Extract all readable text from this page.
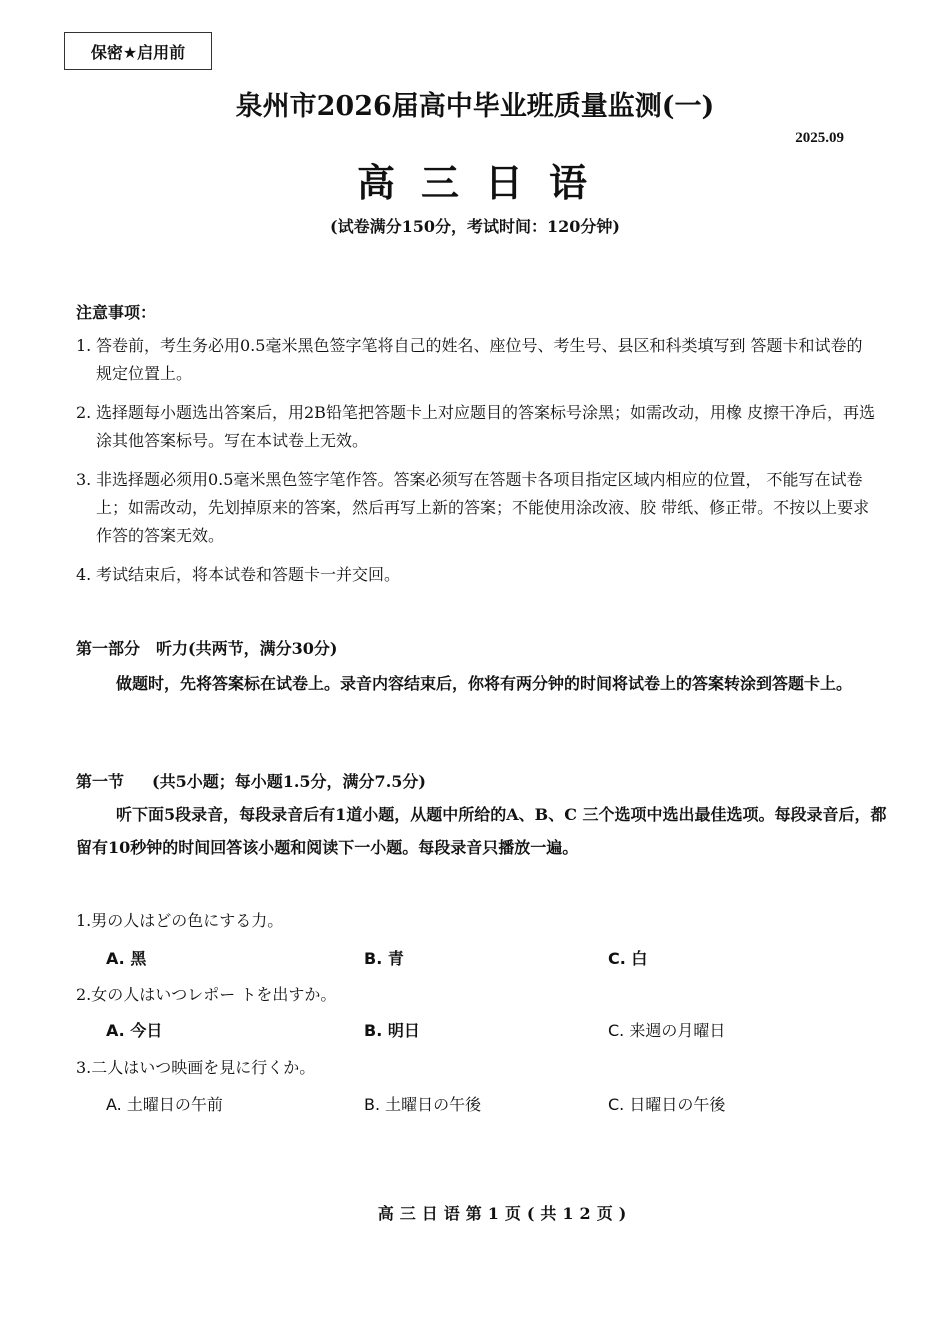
保密★启用前
泉州市2026届高中毕业班质量监测(一)
2025.09
高三日语
(试卷满分150分，考试时间：120分钟)
注意事项：
1. 答卷前，考生务必用0.5毫米黑色签字笔将自己的姓名、座位号、考生号、县区和科类填写到 答题卡和试卷的规定位置上。
2. 选择题每小题选出答案后，用2B铅笔把答题卡上对应题目的答案标号涂黑；如需改动，用橡 皮擦干净后，再选涂其他答案标号。写在本试卷上无效。
3. 非选择题必须用0.5毫米黑色签字笔作答。答案必须写在答题卡各项目指定区域内相应的位置， 不能写在试卷上；如需改动，先划掉原来的答案，然后再写上新的答案；不能使用涂改液、胶 带纸、修正带。不按以上要求作答的答案无效。
4. 考试结束后，将本试卷和答题卡一并交回。
第一部分 听力(共两节，满分30分)
做题时，先将答案标在试卷上。录音内容结束后，你将有两分钟的时间将试卷上的答案转涂到答题卡上。
第一节 (共5小题；每小题1.5分，满分7.5分)
听下面5段录音，每段录音后有1道小题，从题中所给的A、B、C 三个选项中选出最佳选项。每段录音后，都留有10秒钟的时间回答该小题和阅读下一小题。每段录音只播放一遍。
1.男の人はどの色にする力。
A. 黑	B. 青	C. 白
2.女の人はいつレポー トを出すか。
A. 今日	B. 明日	C. 来週の月曜日
3.二人はいつ映画を見に行くか。
A. 土曜日の午前	B. 土曜日の午後	C. 日曜日の午後
高三日语第1页(共12页)
